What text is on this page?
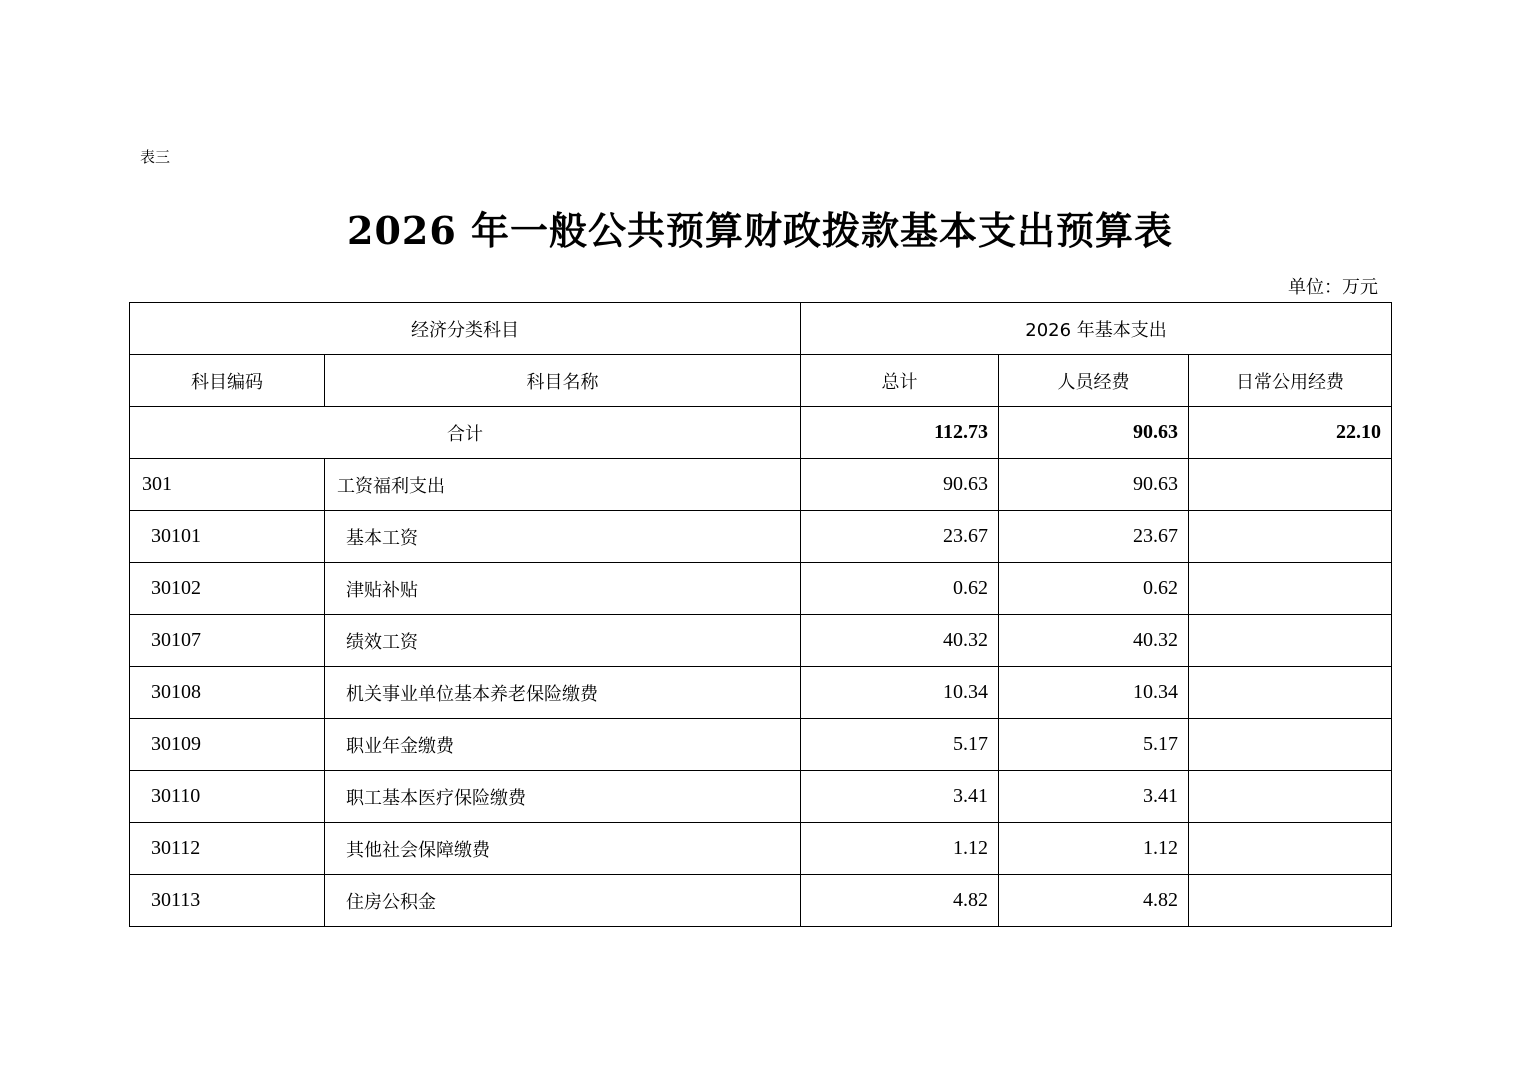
表三
2026 年一般公共预算财政拨款基本支出预算表
单位：万元
经济分类科目		2026 年基本支出		
科目编码	科目名称	总计	人员经费	日常公用经费
合计		112.73	90.63	22.10
301	工资福利支出	90.63	90.63	
30101	基本工资	23.67	23.67	
30102	津贴补贴	0.62	0.62	
30107	绩效工资	40.32	40.32	
30108	机关事业单位基本养老保险缴费	10.34	10.34	
30109	职业年金缴费	5.17	5.17	
30110	职工基本医疗保险缴费	3.41	3.41	
30112	其他社会保障缴费	1.12	1.12	
30113	住房公积金	4.82	4.82	
